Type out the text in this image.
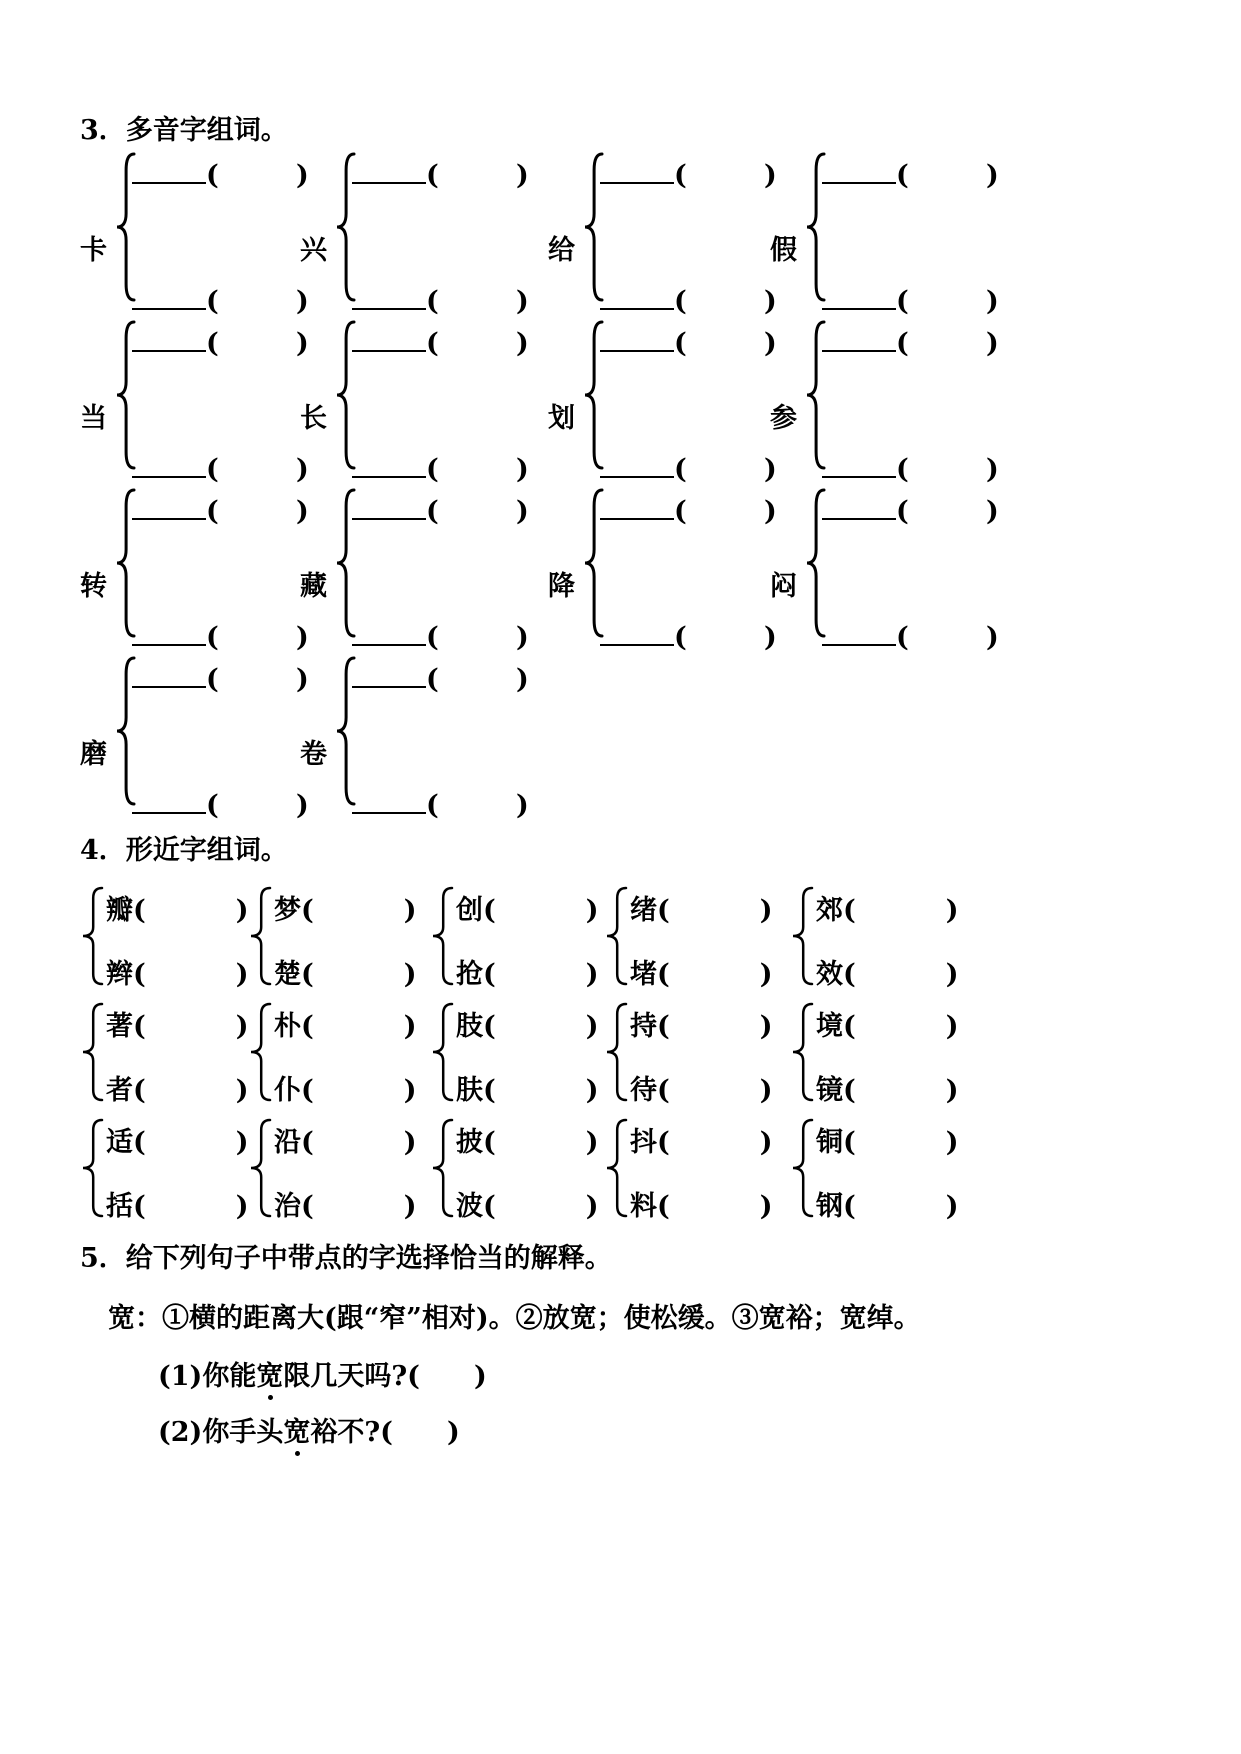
3．多音字组词。
卡
(	)
(	)
兴
(	)
(	)
给
(	)
(	)
假
(	)
(	)
当
(	)
(	)
长
(	)
(	)
划
(	)
(	)
参
(	)
(	)
转
(	)
(	)
藏
(	)
(	)
降
(	)
(	)
闷
(	)
(	)
磨
(	)
(	)
卷
(	)
(	)
4．形近字组词。
瓣(	)
辫(	)
梦(	)
楚(	)
创(	)
抢(	)
绪(	)
堵(	)
郊(	)
效(	)
著(	)
者(	)
朴(	)
仆(	)
肢(	)
肤(	)
持(	)
待(	)
境(	)
镜(	)
适(	)
括(	)
沿(	)
治(	)
披(	)
波(	)
抖(	)
料(	)
铜(	)
钢(	)
5．给下列句子中带点的字选择恰当的解释。
宽：①横的距离大(跟“窄”相对)。②放宽；使松缓。③宽裕；宽绰。
(1)你能宽限几天吗?(　　)
(2)你手头宽裕不?(　　)
